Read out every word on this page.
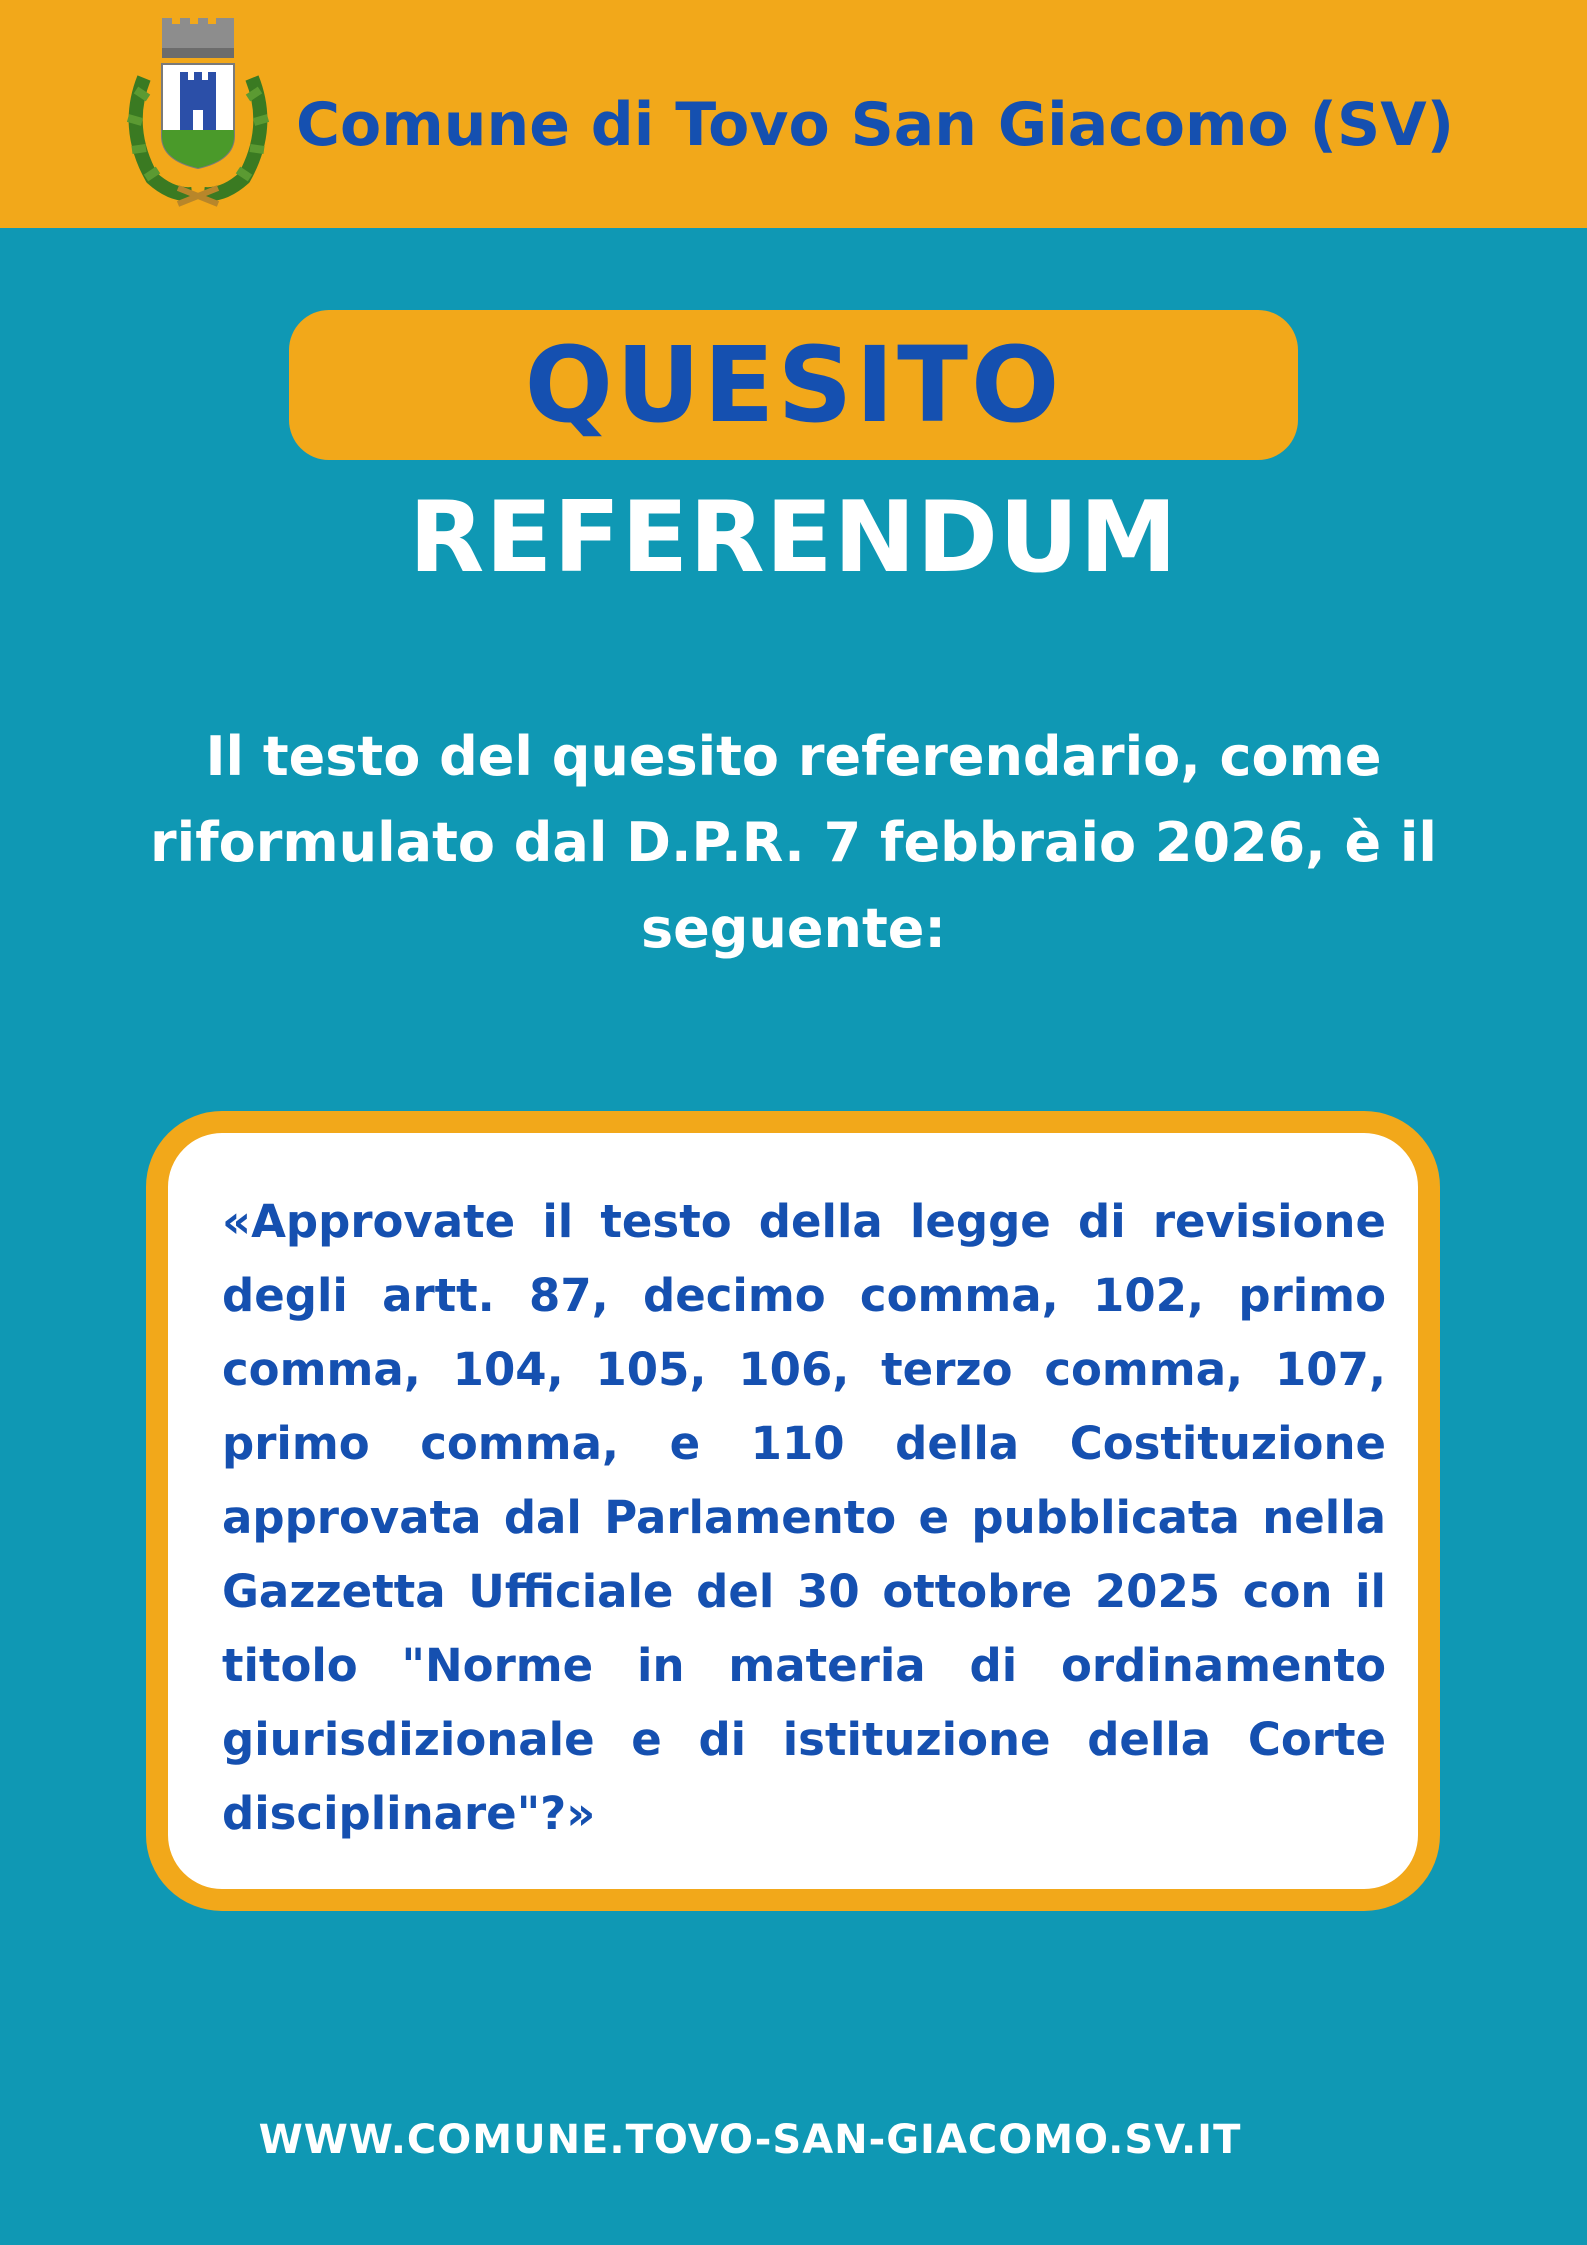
Comune di Tovo San Giacomo (SV)
QUESITO
REFERENDUM

Il testo del quesito referendario, come riformulato dal D.P.R. 7 febbraio 2026, è il seguente:

«Approvate il testo della legge di revisione degli artt. 87, decimo comma, 102, primo comma, 104, 105, 106, terzo comma, 107, primo comma, e 110 della Costituzione approvata dal Parlamento e pubblicata nella Gazzetta Ufficiale del 30 ottobre 2025 con il titolo "Norme in materia di ordinamento giurisdizionale e di istituzione della Corte disciplinare"?»

WWW.COMUNE.TOVO-SAN-GIACOMO.SV.IT
